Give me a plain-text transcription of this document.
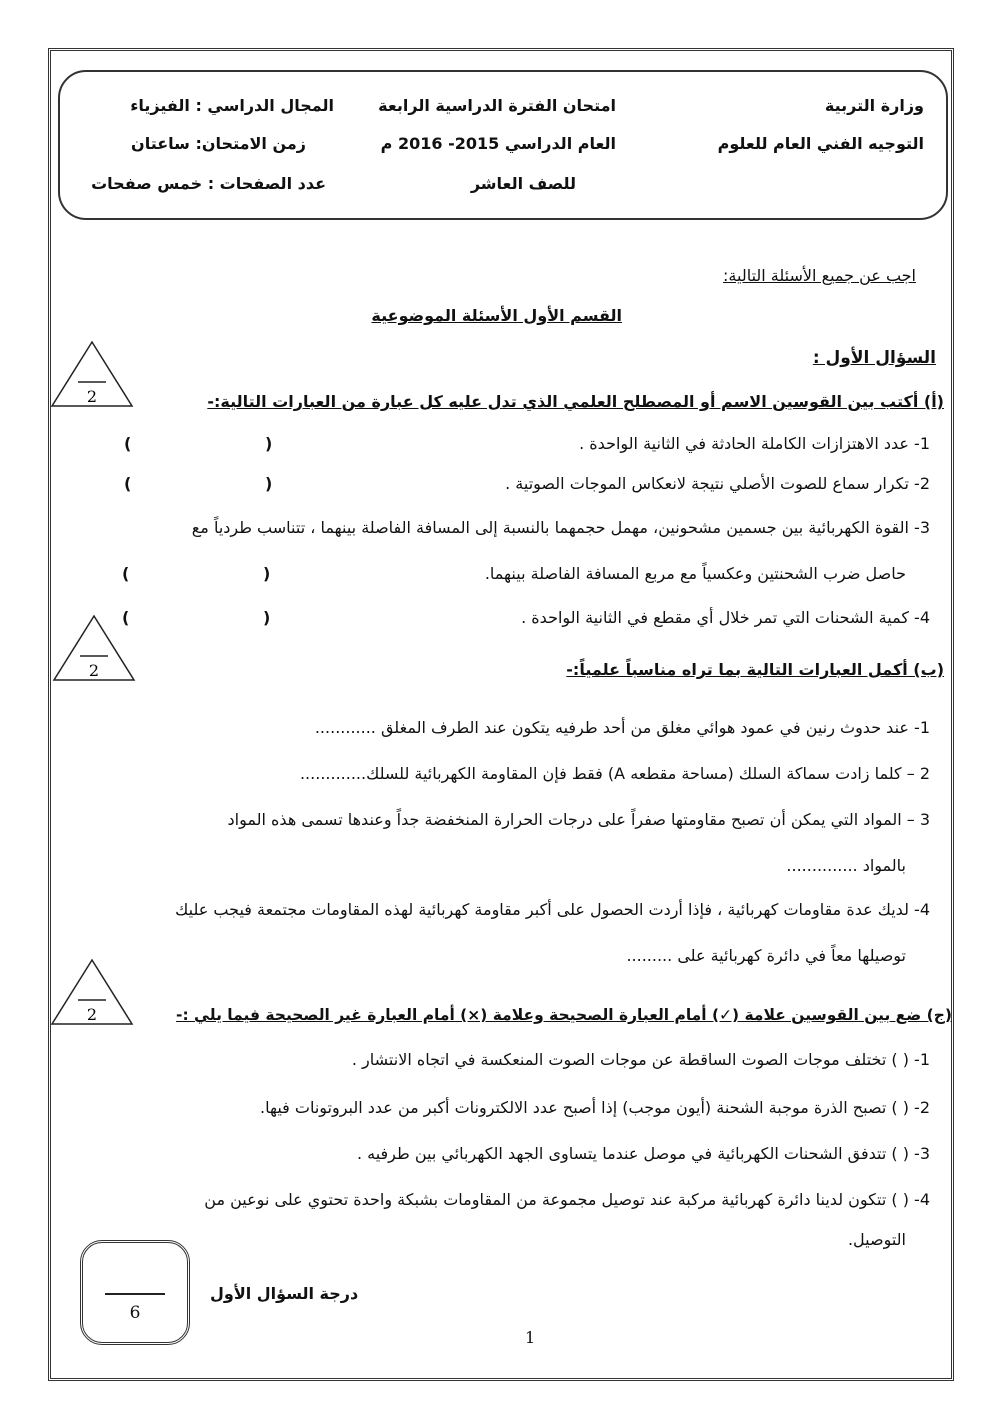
وزارة التربية
التوجيه الفني العام للعلوم
امتحان الفترة الدراسية الرابعة
العام الدراسي 2015- 2016 م
للصف العاشر
المجال الدراسي : الفيزياء
زمن الامتحان: ساعتان
عدد الصفحات : خمس صفحات
اجب عن جميع الأسئلة التالية:
القسم الأول الأسئلة الموضوعية
السؤال الأول :
2	(أ) أكتب بين القوسين الاسم أو المصطلح العلمي الذي تدل عليه كل عبارة من العبارات التالية:-
1- عدد الاهتزازات الكاملة الحادثة في الثانية الواحدة .
(                        )
2- تكرار سماع للصوت الأصلي نتيجة لانعكاس الموجات الصوتية .
(                        )
3- القوة الكهربائية بين جسمين مشحونين، مهمل حجمهما بالنسبة إلى المسافة الفاصلة بينهما ، تتناسب طردياً مع
حاصل ضرب الشحنتين وعكسياً مع مربع المسافة الفاصلة بينهما.
(                        )
4- كمية الشحنات التي تمر خلال أي مقطع في الثانية الواحدة .
(                        )
2	(ب) أكمل العبارات التالية بما تراه مناسباً علمياً:-
1- عند حدوث رنين في عمود هوائي مغلق من أحد طرفيه يتكون عند الطرف المغلق ............
2 – كلما زادت سماكة السلك (مساحة مقطعه A) فقط فإن المقاومة الكهربائية للسلك.............
3 – المواد التي يمكن أن تصبح مقاومتها صفراً على درجات الحرارة المنخفضة جداً وعندها تسمى هذه المواد
بالمواد ..............
4- لديك عدة مقاومات كهربائية ، فإذا أردت الحصول على أكبر مقاومة كهربائية لهذه المقاومات مجتمعة فيجب عليك
توصيلها معاً في دائرة كهربائية على .........
2	(ج) ضع بين القوسين علامة (✓) أمام العبارة الصحيحة وعلامة (×) أمام العبارة غير الصحيحة فيما يلي :-
1- ( ) تختلف موجات الصوت الساقطة عن موجات الصوت المنعكسة في اتجاه الانتشار .
2- ( ) تصبح الذرة موجبة الشحنة (أيون موجب) إذا أصبح عدد الالكترونات أكبر من عدد البروتونات فيها.
3- ( ) تتدفق الشحنات الكهربائية في موصل عندما يتساوى الجهد الكهربائي بين طرفيه .
4- ( ) تتكون لدينا دائرة كهربائية مركبة عند توصيل مجموعة من المقاومات بشبكة واحدة تحتوي على نوعين من
التوصيل.
6
درجة السؤال الأول
1
